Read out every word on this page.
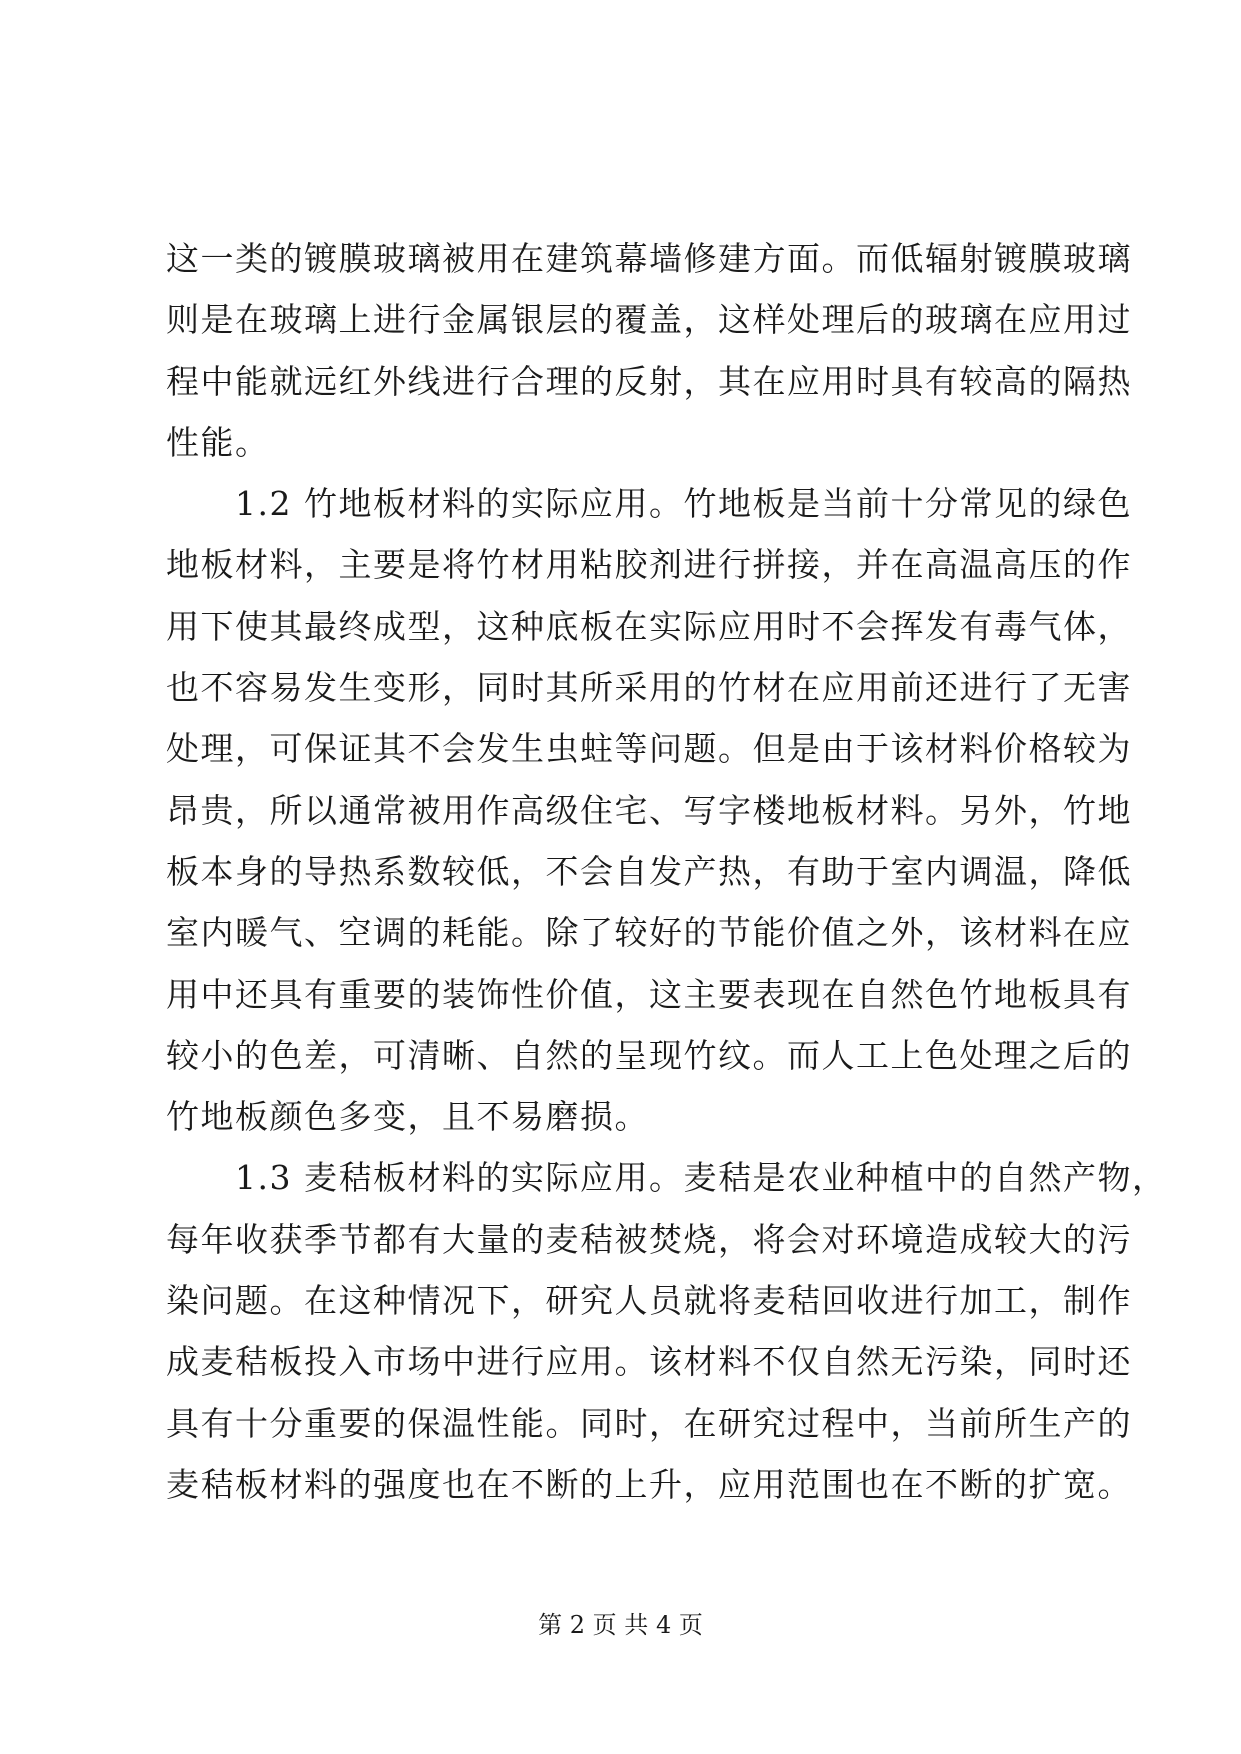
这一类的镀膜玻璃被用在建筑幕墙修建方面。而低辐射镀膜玻璃
则是在玻璃上进行金属银层的覆盖，这样处理后的玻璃在应用过
程中能就远红外线进行合理的反射，其在应用时具有较高的隔热
性能。
　　1.2 竹地板材料的实际应用。竹地板是当前十分常见的绿色
地板材料，主要是将竹材用粘胶剂进行拼接，并在高温高压的作
用下使其最终成型，这种底板在实际应用时不会挥发有毒气体，
也不容易发生变形，同时其所采用的竹材在应用前还进行了无害
处理，可保证其不会发生虫蛀等问题。但是由于该材料价格较为
昂贵，所以通常被用作高级住宅、写字楼地板材料。另外，竹地
板本身的导热系数较低，不会自发产热，有助于室内调温，降低
室内暖气、空调的耗能。除了较好的节能价值之外，该材料在应
用中还具有重要的装饰性价值，这主要表现在自然色竹地板具有
较小的色差，可清晰、自然的呈现竹纹。而人工上色处理之后的
竹地板颜色多变，且不易磨损。
　　1.3 麦秸板材料的实际应用。麦秸是农业种植中的自然产物，
每年收获季节都有大量的麦秸被焚烧，将会对环境造成较大的污
染问题。在这种情况下，研究人员就将麦秸回收进行加工，制作
成麦秸板投入市场中进行应用。该材料不仅自然无污染，同时还
具有十分重要的保温性能。同时，在研究过程中，当前所生产的
麦秸板材料的强度也在不断的上升，应用范围也在不断的扩宽。
第 2 页 共 4 页
